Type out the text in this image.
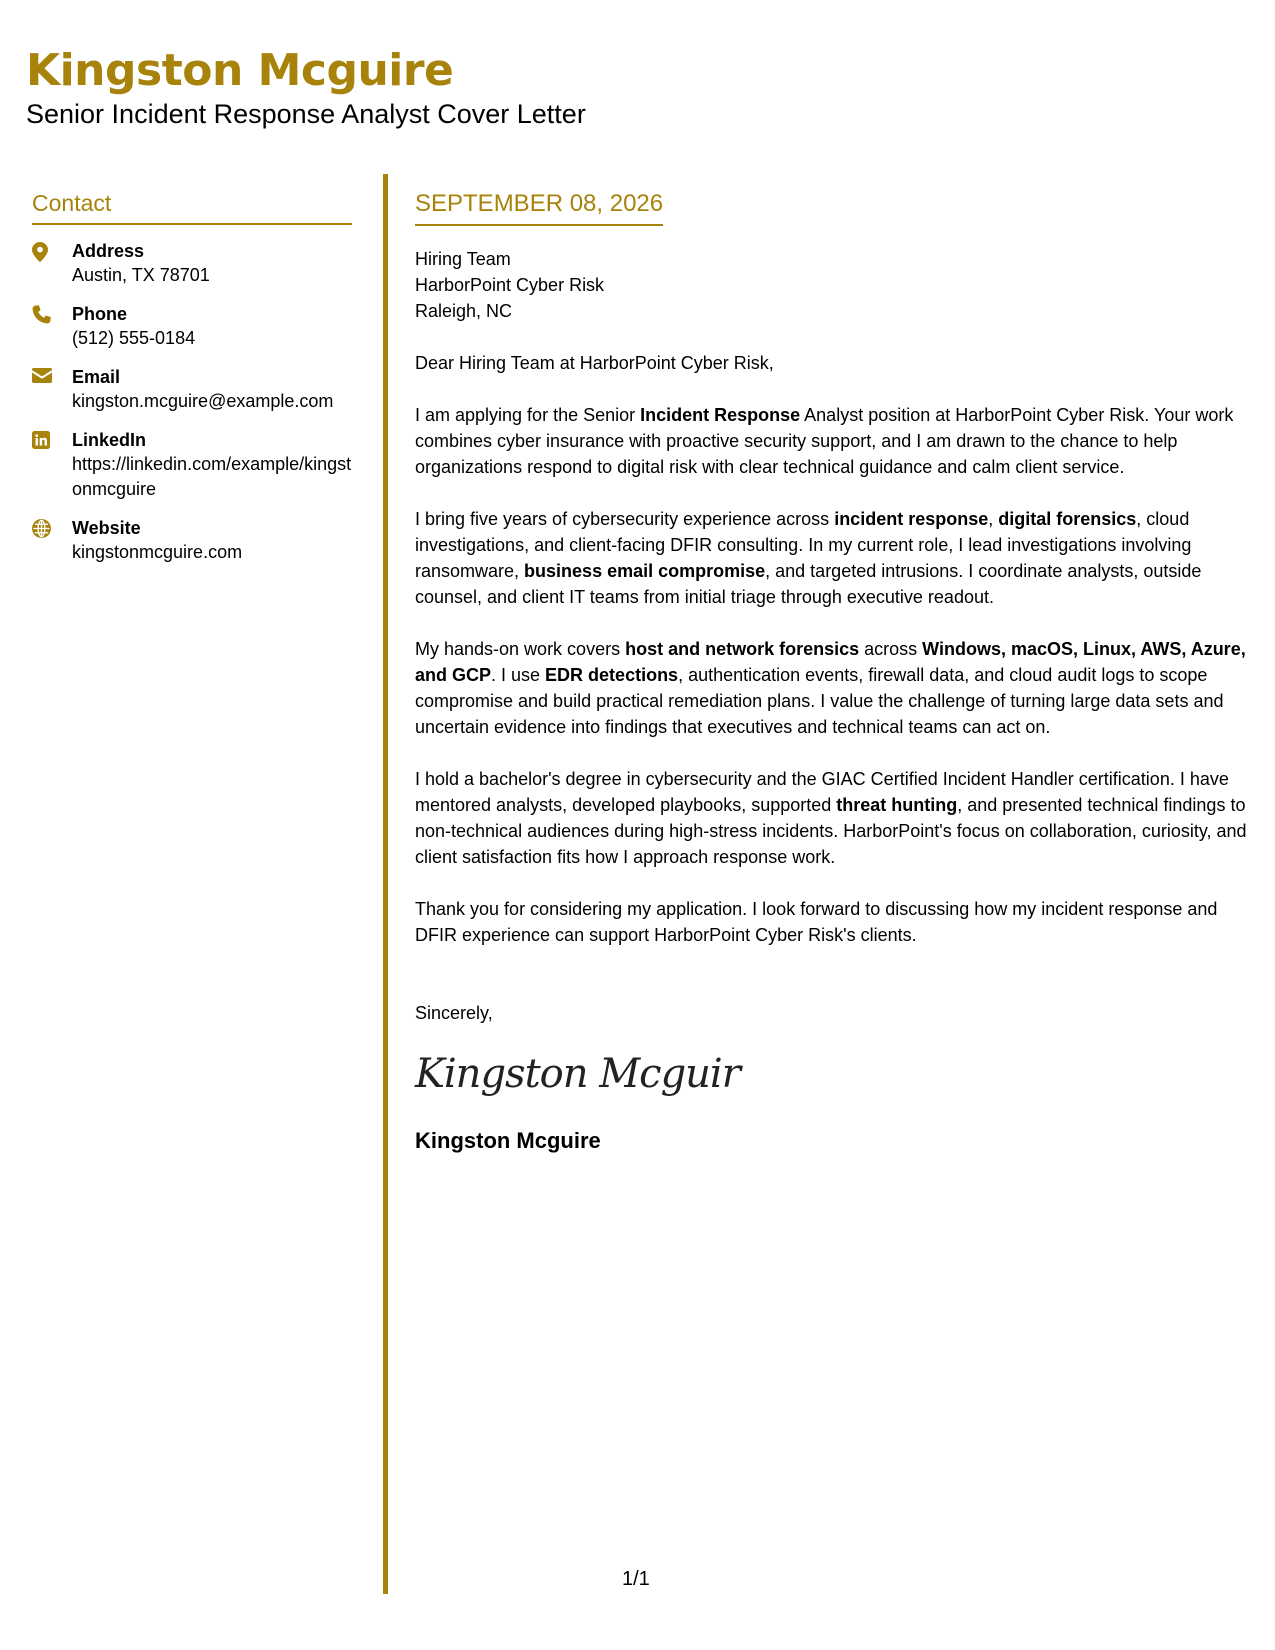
Kingston Mcguire
Senior Incident Response Analyst Cover Letter
Contact
Address
Austin, TX 78701
Phone
(512) 555-0184
Email
kingston.mcguire@example.com
LinkedIn
https://linkedin.com/example/kingstonmcguire
Website
kingstonmcguire.com
SEPTEMBER 08, 2026
Hiring Team
HarborPoint Cyber Risk
Raleigh, NC
Dear Hiring Team at HarborPoint Cyber Risk,
I am applying for the Senior Incident Response Analyst position at HarborPoint Cyber Risk. Your work combines cyber insurance with proactive security support, and I am drawn to the chance to help organizations respond to digital risk with clear technical guidance and calm client service.
I bring five years of cybersecurity experience across incident response, digital forensics, cloud investigations, and client-facing DFIR consulting. In my current role, I lead investigations involving ransomware, business email compromise, and targeted intrusions. I coordinate analysts, outside counsel, and client IT teams from initial triage through executive readout.
My hands-on work covers host and network forensics across Windows, macOS, Linux, AWS, Azure, and GCP. I use EDR detections, authentication events, firewall data, and cloud audit logs to scope compromise and build practical remediation plans. I value the challenge of turning large data sets and uncertain evidence into findings that executives and technical teams can act on.
I hold a bachelor's degree in cybersecurity and the GIAC Certified Incident Handler certification. I have mentored analysts, developed playbooks, supported threat hunting, and presented technical findings to non-technical audiences during high-stress incidents. HarborPoint's focus on collaboration, curiosity, and client satisfaction fits how I approach response work.
Thank you for considering my application. I look forward to discussing how my incident response and DFIR experience can support HarborPoint Cyber Risk's clients.
Sincerely,
Kingston Mcguir
Kingston Mcguire
1/1
